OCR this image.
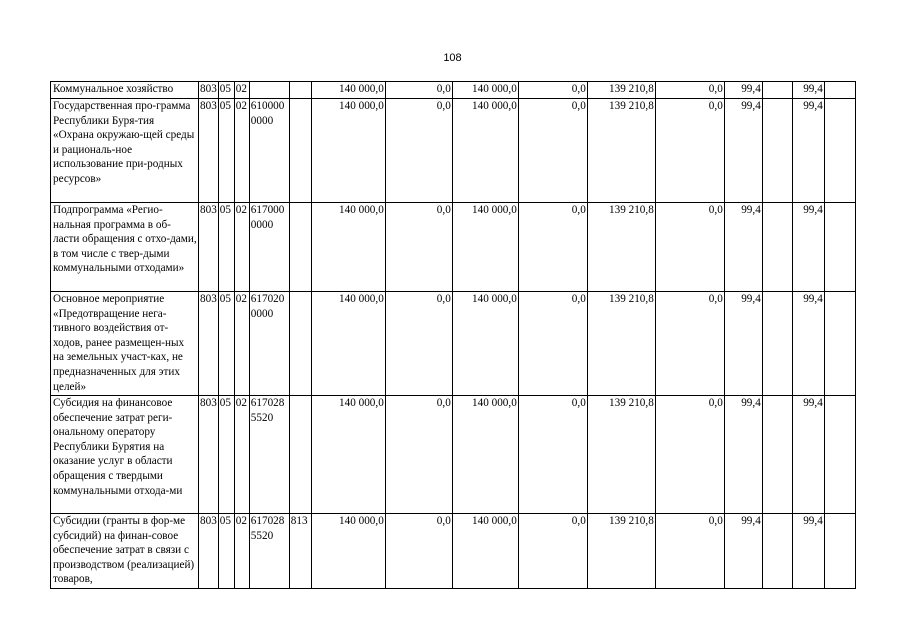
108
Коммунальное хозяйство	803	05	02			140 000,0	0,0	140 000,0	0,0	139 210,8	0,0	99,4		99,4	
Государственная про-грамма Республики Буря-тия «Охрана окружаю-щей среды и рациональ-ное использование при-родных ресурсов»	803	05	02	6100000000		140 000,0	0,0	140 000,0	0,0	139 210,8	0,0	99,4		99,4	
Подпрограмма «Регио-нальная программа в об-ласти обращения с отхо-дами, в том числе с твер-дыми коммунальными отходами»	803	05	02	6170000000		140 000,0	0,0	140 000,0	0,0	139 210,8	0,0	99,4		99,4	
Основное мероприятие «Предотвращение нега-тивного воздействия от-ходов, ранее размещен-ных на земельных участ-ках, не предназначенных для этих целей»	803	05	02	6170200000		140 000,0	0,0	140 000,0	0,0	139 210,8	0,0	99,4		99,4	
Субсидия на финансовое обеспечение затрат реги-ональному оператору Республики Бурятия на оказание услуг в области обращения с твердыми коммунальными отхода-ми	803	05	02	6170285520		140 000,0	0,0	140 000,0	0,0	139 210,8	0,0	99,4		99,4	

Субсидии (гранты в фор-ме субсидий) на финан-совое обеспечение затрат в связи с производством (реализацией) товаров,	803	05	02	6170285520	813	140 000,0	0,0	140 000,0	0,0	139 210,8	0,0	99,4		99,4	
